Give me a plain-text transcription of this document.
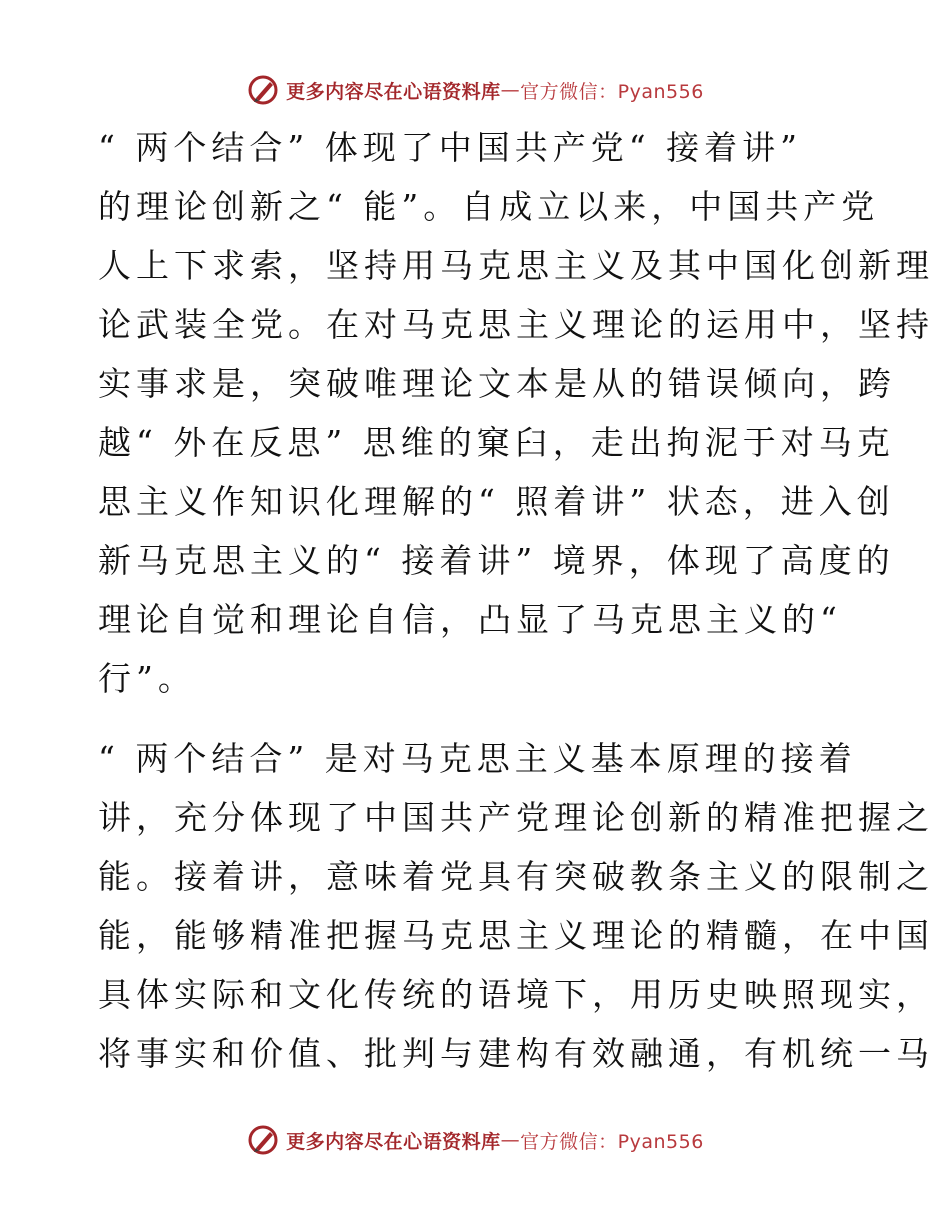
更多内容尽在心语资料库 — 官方微信：Pyan556
“ 两个结合” 体现了中国共产党“ 接着讲”
的理论创新之“ 能”。自成立以来，中国共产党
人上下求索，坚持用马克思主义及其中国化创新理
论武装全党。在对马克思主义理论的运用中，坚持
实事求是，突破唯理论文本是从的错误倾向，跨
越“ 外在反思” 思维的窠臼，走出拘泥于对马克
思主义作知识化理解的“ 照着讲” 状态，进入创
新马克思主义的“ 接着讲” 境界，体现了高度的
理论自觉和理论自信，凸显了马克思主义的“
行”。
“ 两个结合” 是对马克思主义基本原理的接着
讲，充分体现了中国共产党理论创新的精准把握之
能。接着讲，意味着党具有突破教条主义的限制之
能，能够精准把握马克思主义理论的精髓，在中国
具体实际和文化传统的语境下，用历史映照现实，
将事实和价值、批判与建构有效融通，有机统一马
更多内容尽在心语资料库 — 官方微信：Pyan556
